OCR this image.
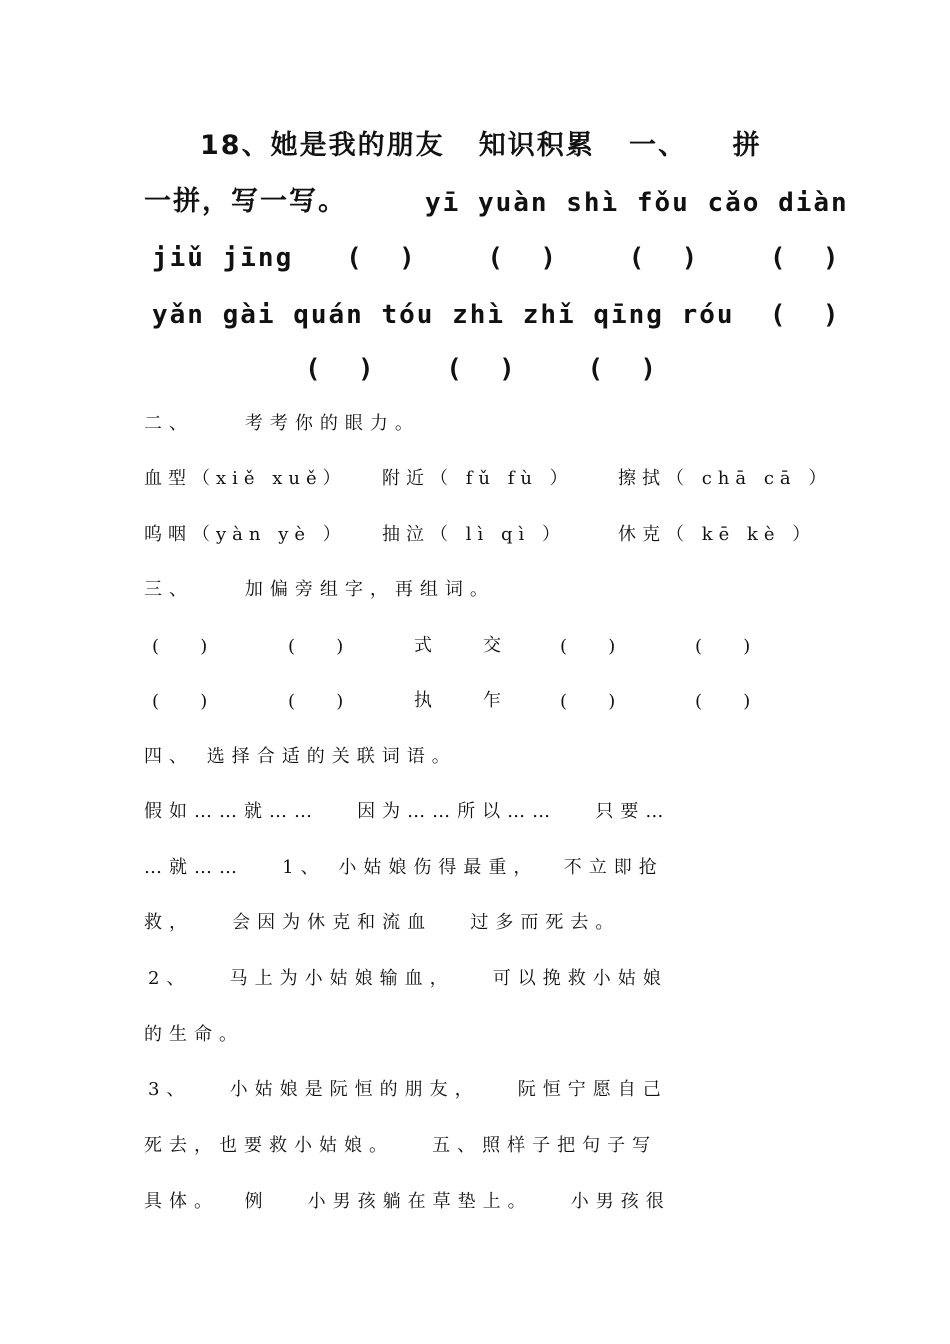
18、她是我的朋友   知识积累   一、    拼
一拼，写一写。	yī yuàn shì fǒu cǎo diàn
jiǔ jīng   (  )    (  )    (  )    (  )
yǎn gài quán tóu zhì zhǐ qīng róu  (  )
(  )    (  )    (  )
二、    考考你的眼力。
血型（xiě xuě） 附近（ fǔ fù ） 擦拭（ chā cā ）
呜咽（yàn yè ） 抽泣（ lì qì ）	休克（ kē kè ）
三、    加偏旁组字，再组词。
(   )	(   )	式	交	(   )	(   )
(   )	(   )	执	乍	(   )	(   )
四、 选择合适的关联词语。
假如……就……   因为……所以……   只要…
…就……   1、 小姑娘伤得最重，  不立即抢
救，   会因为休克和流血   过多而死去。
2、   马上为小姑娘输血，   可以挽救小姑娘
的生命。
3、   小姑娘是阮恒的朋友，   阮恒宁愿自己
死去，也要救小姑娘。   五、照样子把句子写
具体。  例   小男孩躺在草垫上。   小男孩很
